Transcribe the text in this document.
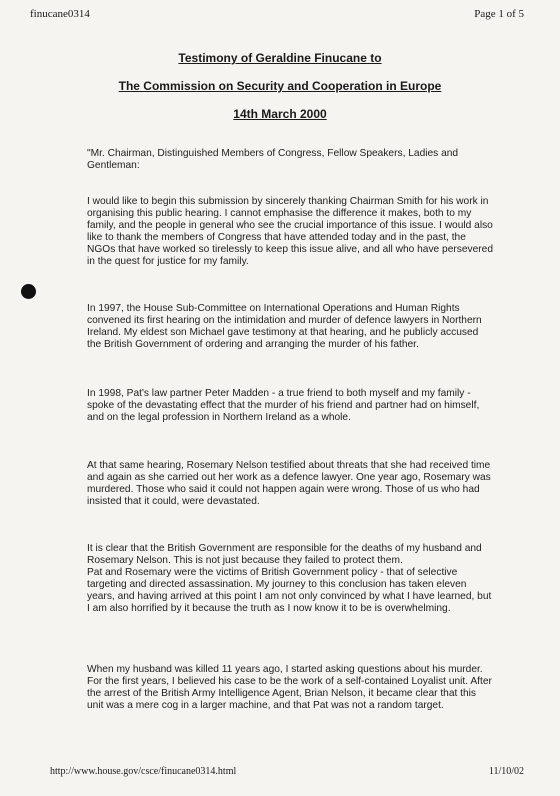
finucane0314	Page 1 of 5
Testimony of Geraldine Finucane to
The Commission on Security and Cooperation in Europe
14th March 2000
"Mr. Chairman, Distinguished Members of Congress, Fellow Speakers, Ladies and Gentleman:
I would like to begin this submission by sincerely thanking Chairman Smith for his work in organising this public hearing. I cannot emphasise the difference it makes, both to my family, and the people in general who see the crucial importance of this issue. I would also like to thank the members of Congress that have attended today and in the past, the NGOs that have worked so tirelessly to keep this issue alive, and all who have persevered in the quest for justice for my family.
In 1997, the House Sub-Committee on International Operations and Human Rights convened its first hearing on the intimidation and murder of defence lawyers in Northern Ireland. My eldest son Michael gave testimony at that hearing, and he publicly accused the British Government of ordering and arranging the murder of his father.
In 1998, Pat's law partner Peter Madden - a true friend to both myself and my family - spoke of the devastating effect that the murder of his friend and partner had on himself, and on the legal profession in Northern Ireland as a whole.
At that same hearing, Rosemary Nelson testified about threats that she had received time and again as she carried out her work as a defence lawyer. One year ago, Rosemary was murdered. Those who said it could not happen again were wrong. Those of us who had insisted that it could, were devastated.
It is clear that the British Government are responsible for the deaths of my husband and Rosemary Nelson. This is not just because they failed to protect them.
Pat and Rosemary were the victims of British Government policy - that of selective targeting and directed assassination. My journey to this conclusion has taken eleven years, and having arrived at this point I am not only convinced by what I have learned, but I am also horrified by it because the truth as I now know it to be is overwhelming.
When my husband was killed 11 years ago, I started asking questions about his murder. For the first years, I believed his case to be the work of a self-contained Loyalist unit. After the arrest of the British Army Intelligence Agent, Brian Nelson, it became clear that this unit was a mere cog in a larger machine, and that Pat was not a random target.
http://www.house.gov/csce/finucane0314.html	11/10/02
